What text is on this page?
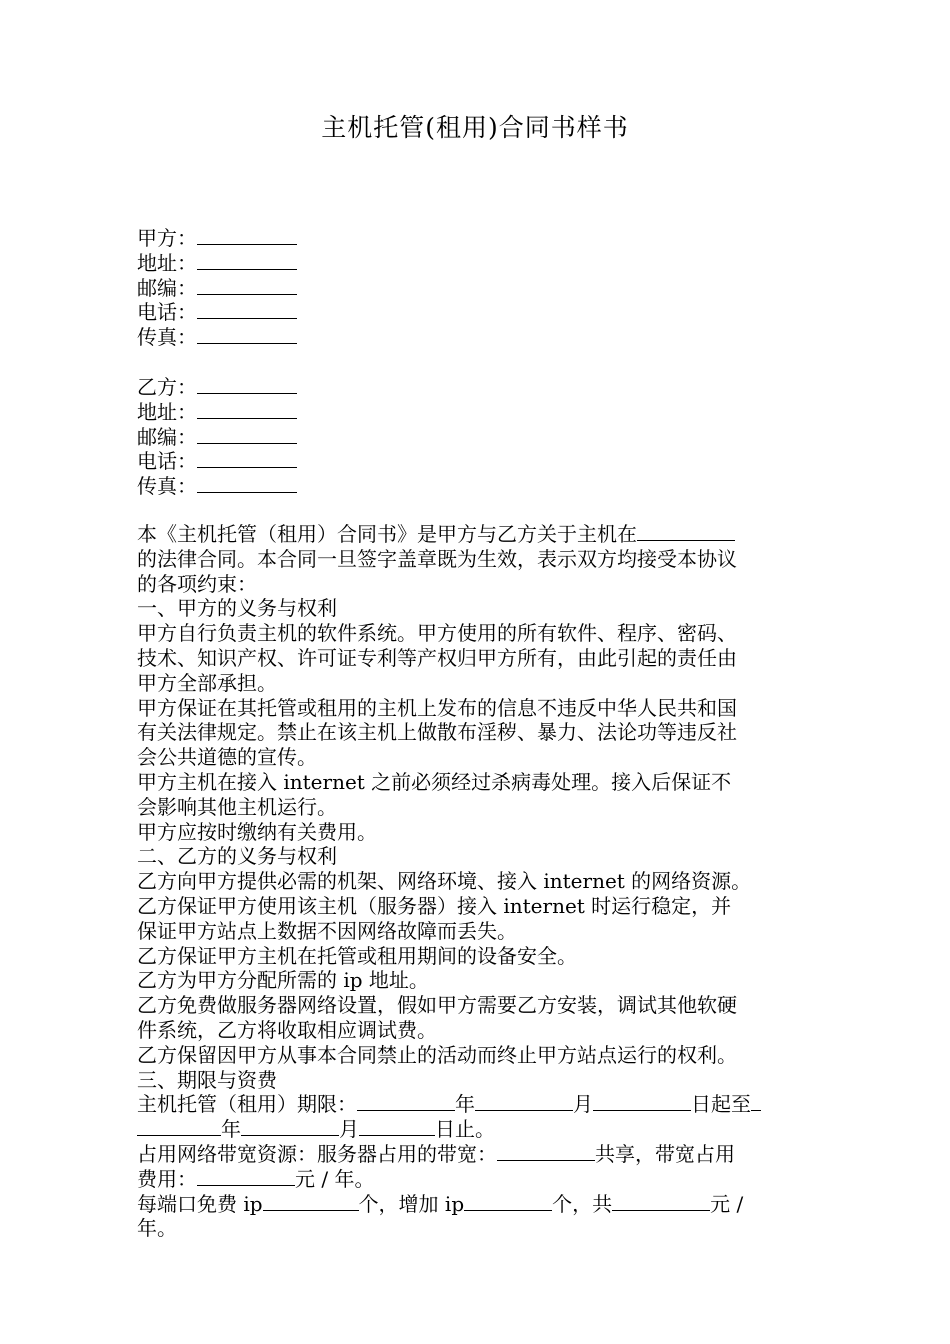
主机托管(租用)合同书样书
甲方：
地址：
邮编：
电话：
传真：
乙方：
地址：
邮编：
电话：
传真：
本《主机托管（租用）合同书》是甲方与乙方关于主机在
的法律合同。本合同一旦签字盖章既为生效，表示双方均接受本协议
的各项约束：
一、甲方的义务与权利
甲方自行负责主机的软件系统。甲方使用的所有软件、程序、密码、
技术、知识产权、许可证专利等产权归甲方所有，由此引起的责任由
甲方全部承担。
甲方保证在其托管或租用的主机上发布的信息不违反中华人民共和国
有关法律规定。禁止在该主机上做散布淫秽、暴力、法论功等违反社
会公共道德的宣传。
甲方主机在接入 internet 之前必须经过杀病毒处理。接入后保证不
会影响其他主机运行。
甲方应按时缴纳有关费用。
二、乙方的义务与权利
乙方向甲方提供必需的机架、网络环境、接入 internet 的网络资源。
乙方保证甲方使用该主机（服务器）接入 internet 时运行稳定，并
保证甲方站点上数据不因网络故障而丢失。
乙方保证甲方主机在托管或租用期间的设备安全。
乙方为甲方分配所需的 ip 地址。
乙方免费做服务器网络设置，假如甲方需要乙方安装，调试其他软硬
件系统，乙方将收取相应调试费。
乙方保留因甲方从事本合同禁止的活动而终止甲方站点运行的权利。
三、期限与资费
主机托管（租用）期限：	年	月	日起至
年	月	日止。
占用网络带宽资源：服务器占用的带宽：	共享，带宽占用
费用：	元 / 年。
每端口免费 ip	个，增加 ip	个，共	元 /
年。
